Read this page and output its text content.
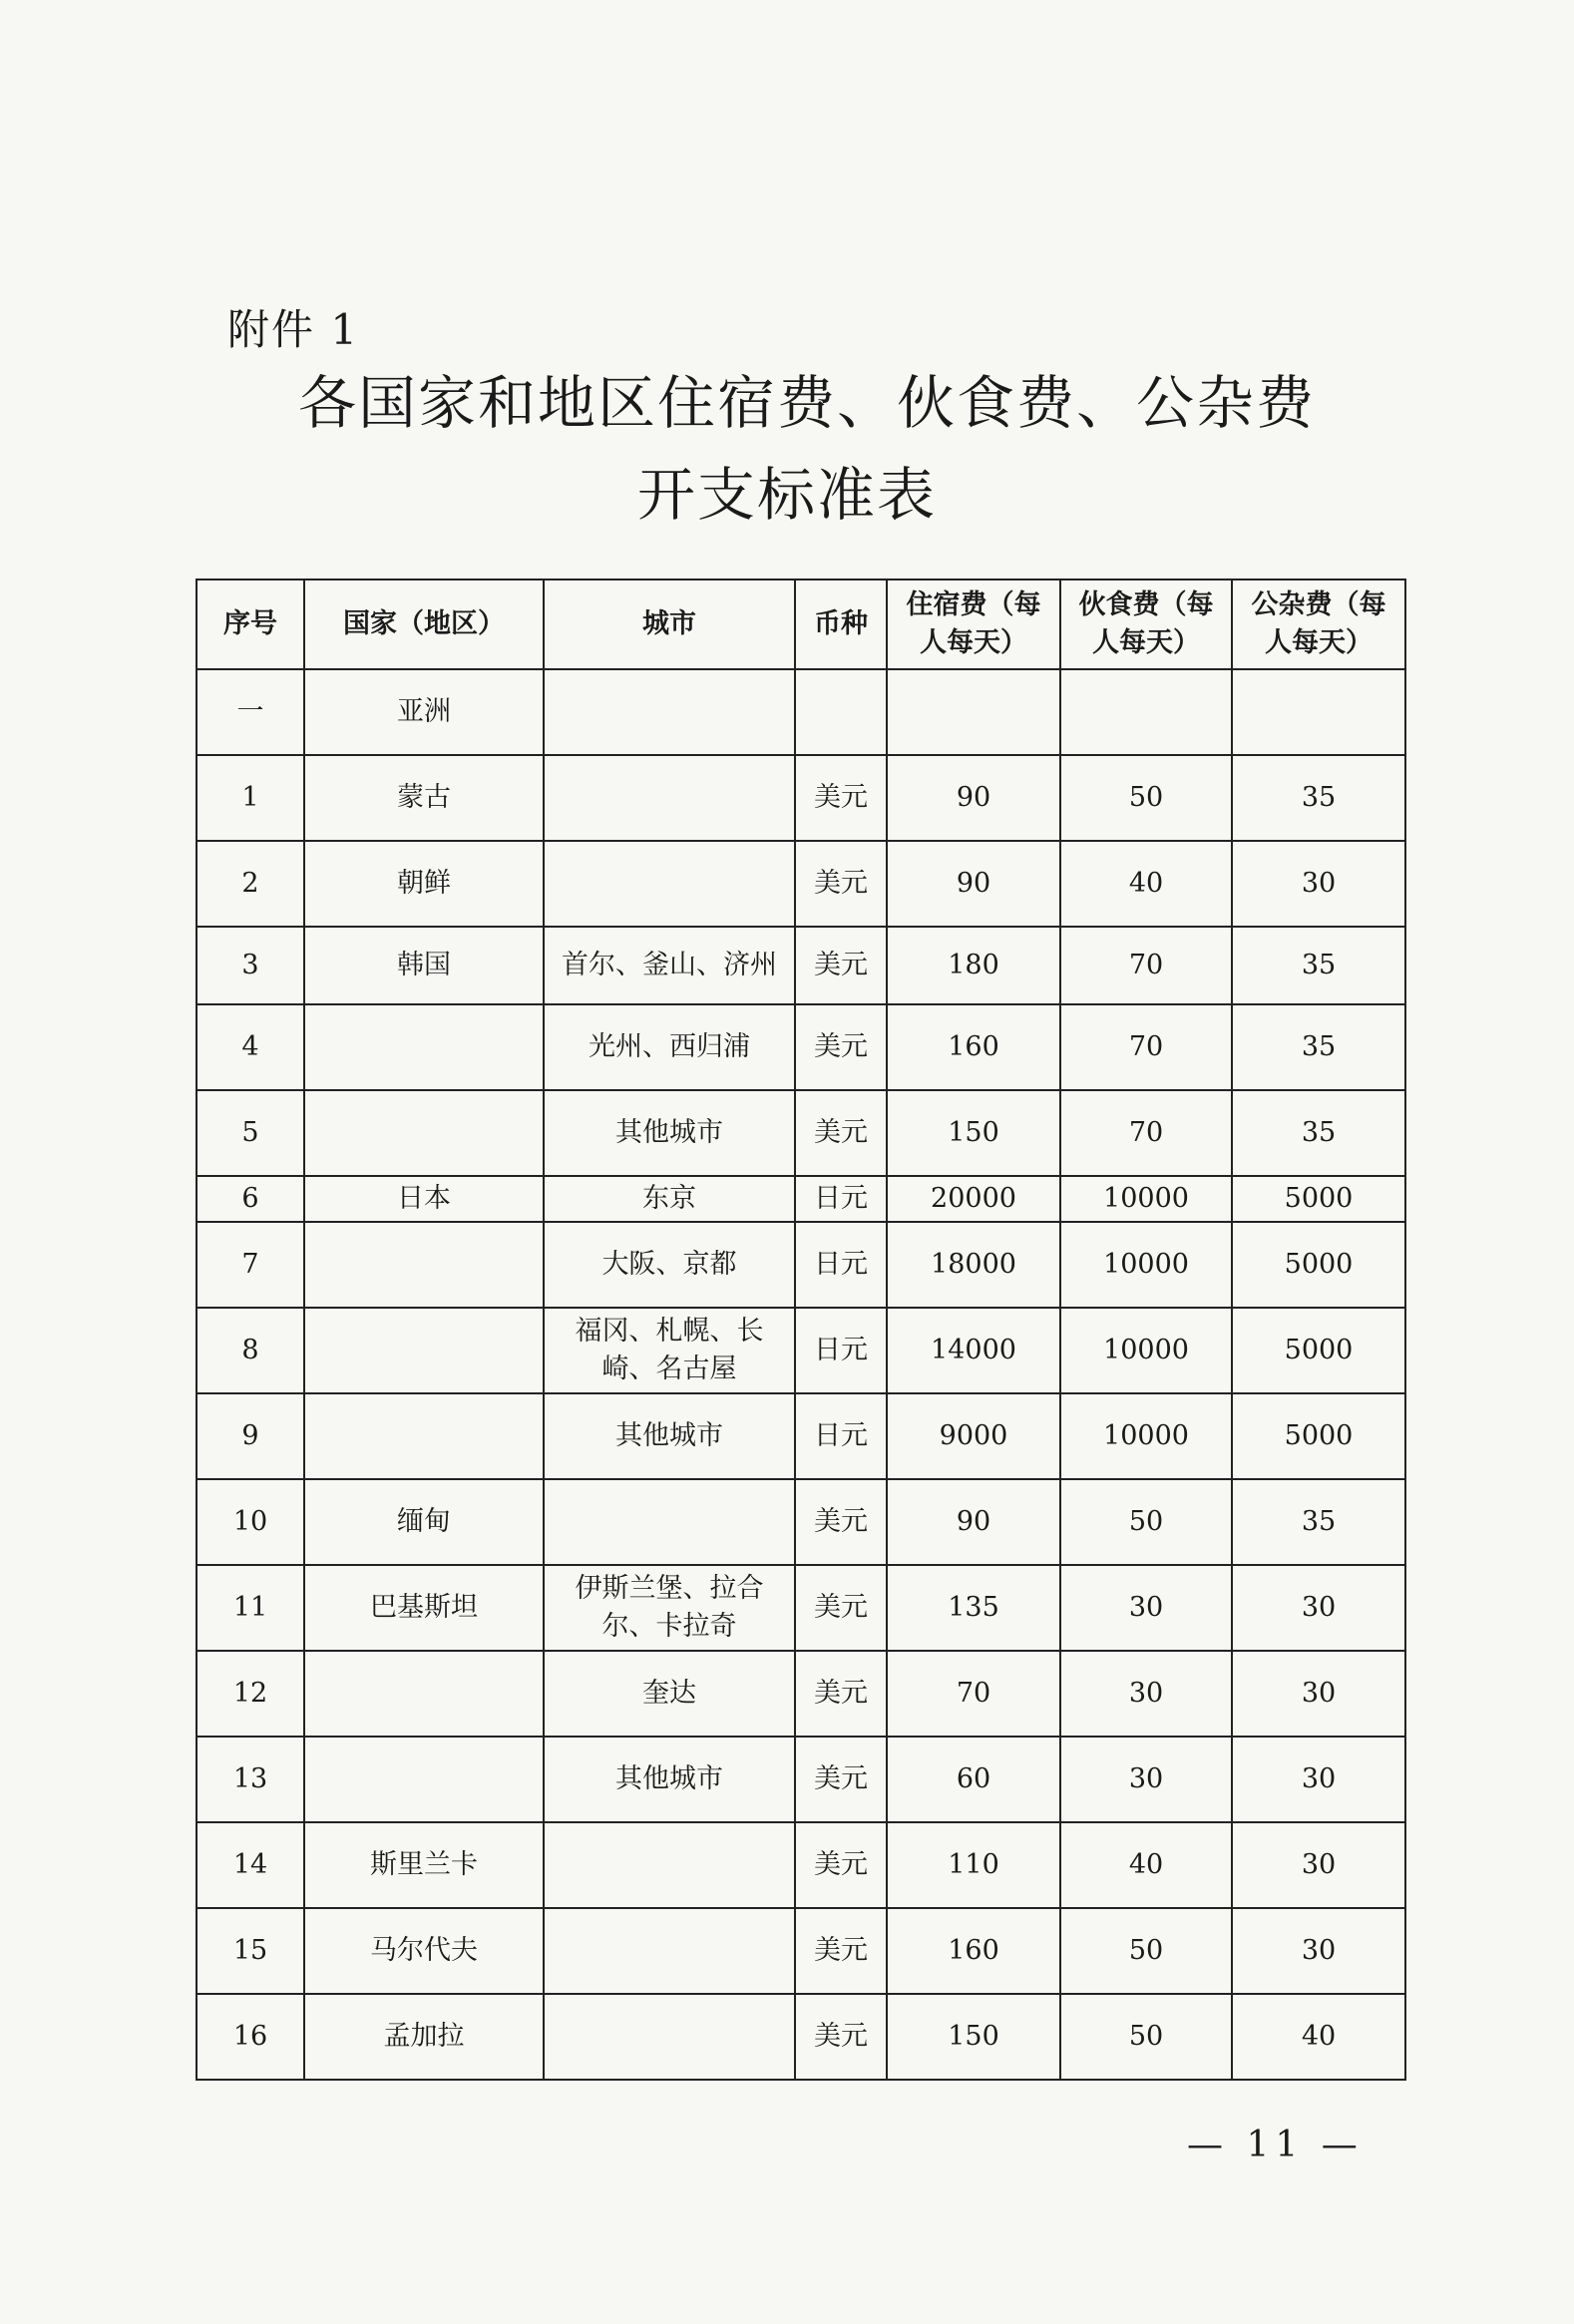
附件 1
各国家和地区住宿费、伙食费、公杂费
开支标准表
序号	国家（地区）	城市	币种	住宿费（每人每天）	伙食费（每人每天）	公杂费（每人每天）
一	亚洲					
1	蒙古		美元	90	50	35
2	朝鲜		美元	90	40	30
3	韩国	首尔、釜山、济州	美元	180	70	35
4		光州、西归浦	美元	160	70	35
5		其他城市	美元	150	70	35
6	日本	东京	日元	20000	10000	5000
7		大阪、京都	日元	18000	10000	5000
8		福冈、札幌、长崎、名古屋	日元	14000	10000	5000
9		其他城市	日元	9000	10000	5000
10	缅甸		美元	90	50	35
11	巴基斯坦	伊斯兰堡、拉合尔、卡拉奇	美元	135	30	30
12		奎达	美元	70	30	30
13		其他城市	美元	60	30	30
14	斯里兰卡		美元	110	40	30
15	马尔代夫		美元	160	50	30
16	孟加拉		美元	150	50	40
— 11 —
